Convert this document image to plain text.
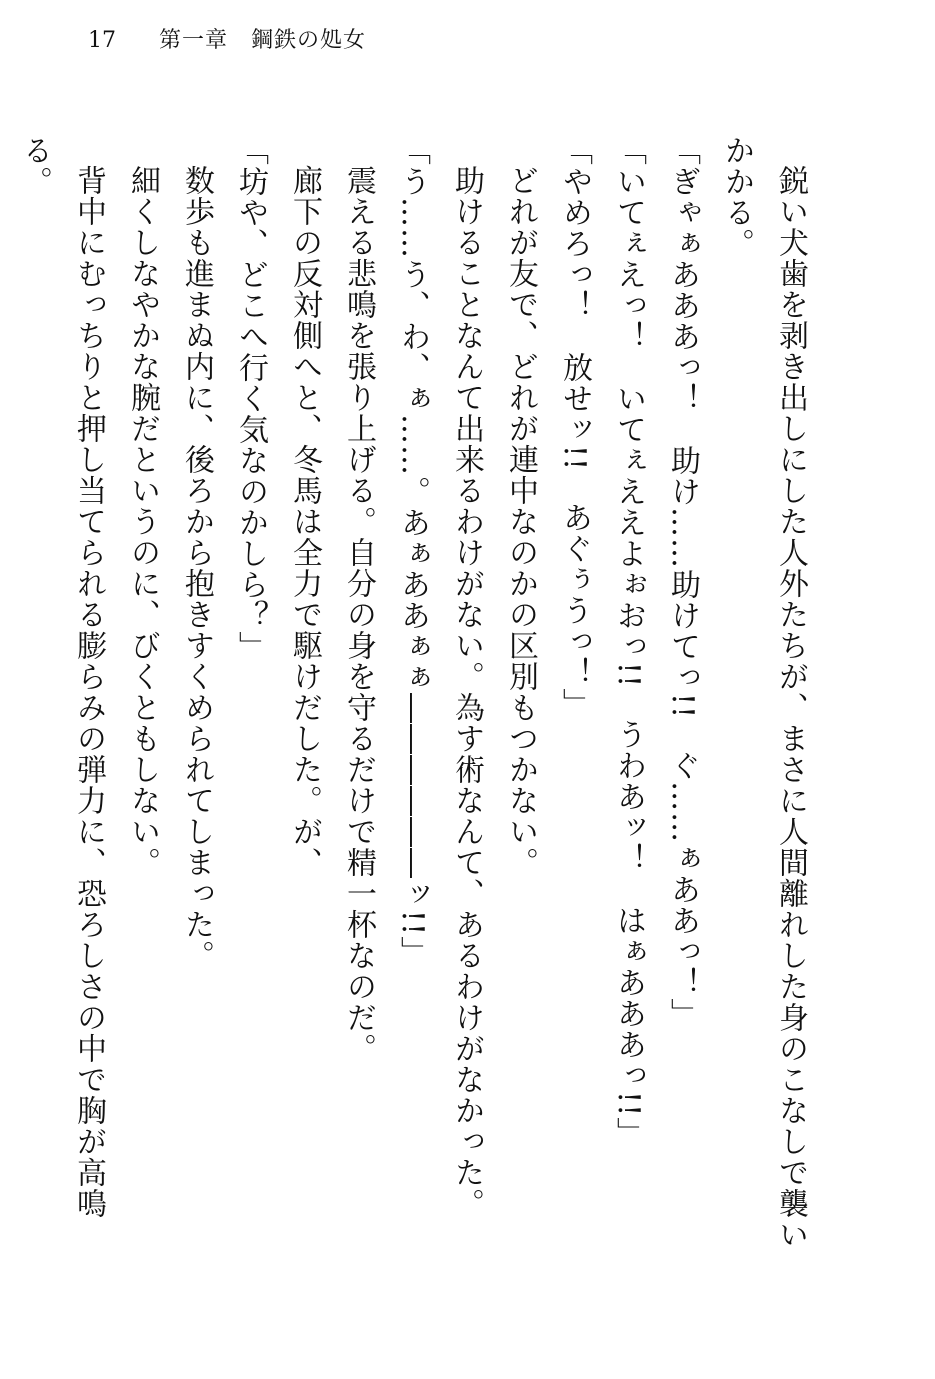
17 第一章　鋼鉄の処女

鋭い犬歯を剥き出しにした人外たちが、まさに人間離れした身のこなしで襲いかかる。

「ぎゃぁあああっ！　助け……助けてっ!!　ぐ……ぁああっ！」

「いてぇえっ！　いてぇええよぉおっ!!　うわあッ！　はぁあああっ!!」

「やめろっ！　放せッ!!　あぐぅうっ！」

どれが友で、どれが連中なのかの区別もつかない。

助けることなんて出来るわけがない。為す術なんて、あるわけがなかった。

「う……う、わ、ぁ……。あぁああぁぁ――――――ッ!!」

震える悲鳴を張り上げる。自分の身を守るだけで精一杯なのだ。

廊下の反対側へと、冬馬は全力で駆けだした。が、

「坊や、どこへ行く気なのかしら？」

数歩も進まぬ内に、後ろから抱きすくめられてしまった。

細くしなやかな腕だというのに、びくともしない。

背中にむっちりと押し当てられる膨らみの弾力に、恐ろしさの中で胸が高鳴る。
